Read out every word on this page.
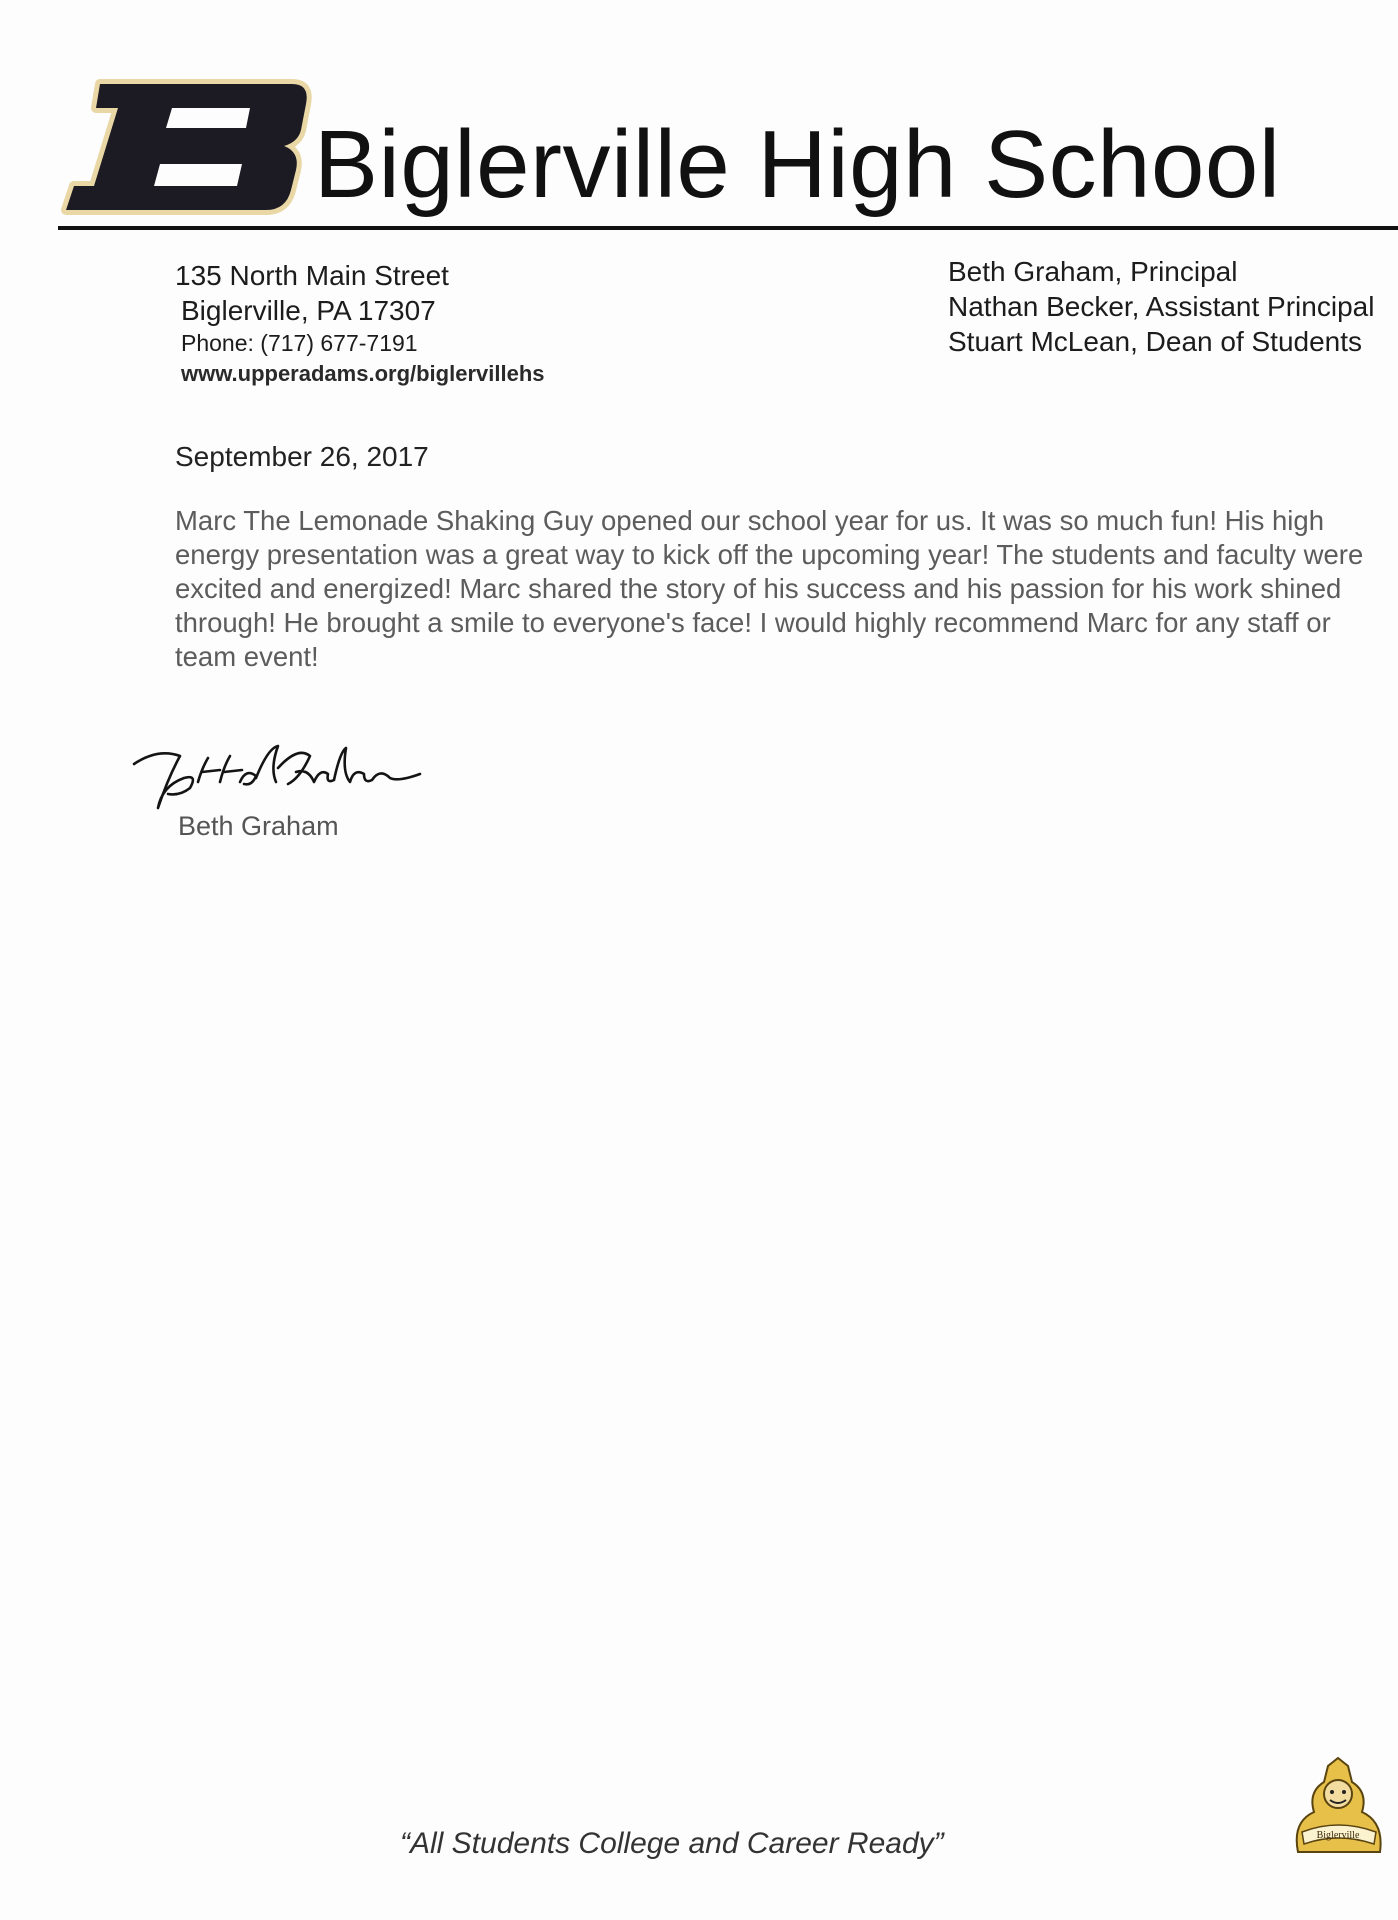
B
Biglerville High School
135 North Main Street
Biglerville, PA 17307
Phone: (717) 677-7191
www.upperadams.org/biglervillehs
Beth Graham, Principal
Nathan Becker, Assistant Principal
Stuart McLean, Dean of Students
September 26, 2017
Marc The Lemonade Shaking Guy opened our school year for us. It was so much fun! His high energy presentation was a great way to kick off the upcoming year! The students and faculty were excited and energized! Marc shared the story of his success and his passion for his work shined through! He brought a smile to everyone's face! I would highly recommend Marc for any staff or team event!
Beth A Graham
Beth Graham
Biglerville
“All Students College and Career Ready”
